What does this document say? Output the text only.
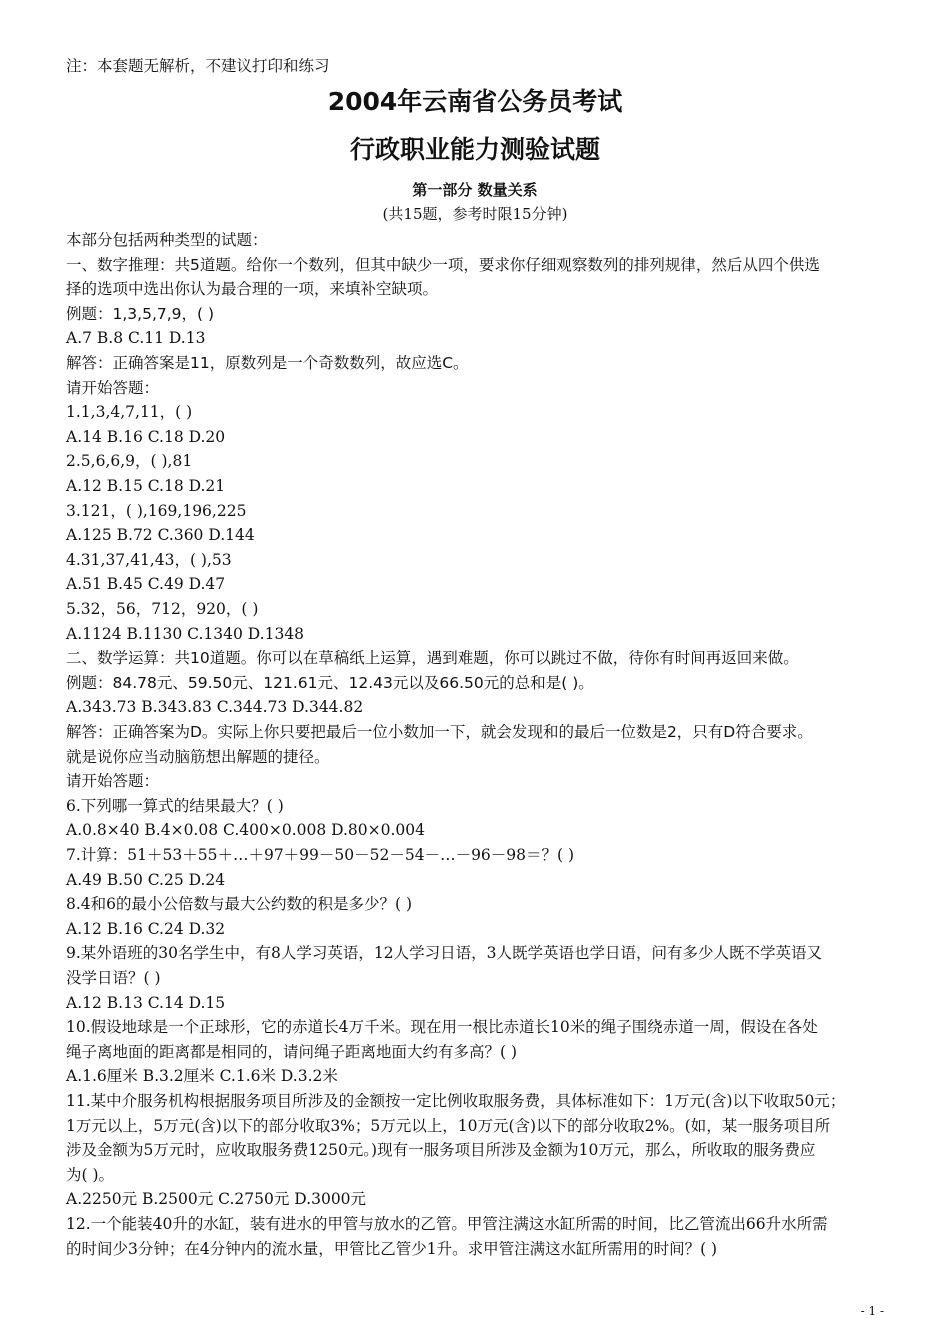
注：本套题无解析，不建议打印和练习
2004年云南省公务员考试
行政职业能力测验试题
第一部分 数量关系
(共15题，参考时限15分钟)
本部分包括两种类型的试题：
一、数字推理：共5道题。给你一个数列，但其中缺少一项，要求你仔细观察数列的排列规律，然后从四个供选
择的选项中选出你认为最合理的一项，来填补空缺项。
例题：1,3,5,7,9，( )
A.7 B.8 C.11 D.13
解答：正确答案是11，原数列是一个奇数数列，故应选C。
请开始答题：
1.1,3,4,7,11，( )
A.14 B.16 C.18 D.20
2.5,6,6,9，( ),81
A.12 B.15 C.18 D.21
3.121，( ),169,196,225
A.125 B.72 C.360 D.144
4.31,37,41,43，( ),53
A.51 B.45 C.49 D.47
5.32，56，712，920，( )
A.1124 B.1130 C.1340 D.1348
二、数学运算：共10道题。你可以在草稿纸上运算，遇到难题，你可以跳过不做，待你有时间再返回来做。
例题：84.78元、59.50元、121.61元、12.43元以及66.50元的总和是( )。
A.343.73 B.343.83 C.344.73 D.344.82
解答：正确答案为D。实际上你只要把最后一位小数加一下，就会发现和的最后一位数是2，只有D符合要求。
就是说你应当动脑筋想出解题的捷径。
请开始答题：
6.下列哪一算式的结果最大？( )
A.0.8×40 B.4×0.08 C.400×0.008 D.80×0.004
7.计算：51＋53＋55＋…＋97＋99－50－52－54－…－96－98＝？( )
A.49 B.50 C.25 D.24
8.4和6的最小公倍数与最大公约数的积是多少？( )
A.12 B.16 C.24 D.32
9.某外语班的30名学生中，有8人学习英语，12人学习日语，3人既学英语也学日语，问有多少人既不学英语又
没学日语？( )
A.12 B.13 C.14 D.15
10.假设地球是一个正球形，它的赤道长4万千米。现在用一根比赤道长10米的绳子围绕赤道一周，假设在各处
绳子离地面的距离都是相同的，请问绳子距离地面大约有多高？( )
A.1.6厘米 B.3.2厘米 C.1.6米 D.3.2米
11.某中介服务机构根据服务项目所涉及的金额按一定比例收取服务费，具体标准如下：1万元(含)以下收取50元；
1万元以上，5万元(含)以下的部分收取3%；5万元以上，10万元(含)以下的部分收取2%。(如，某一服务项目所
涉及金额为5万元时，应收取服务费1250元。)现有一服务项目所涉及金额为10万元，那么，所收取的服务费应
为( )。
A.2250元 B.2500元 C.2750元 D.3000元
12.一个能装40升的水缸，装有进水的甲管与放水的乙管。甲管注满这水缸所需的时间，比乙管流出66升水所需
的时间少3分钟；在4分钟内的流水量，甲管比乙管少1升。求甲管注满这水缸所需用的时间？( )
- 1 -
